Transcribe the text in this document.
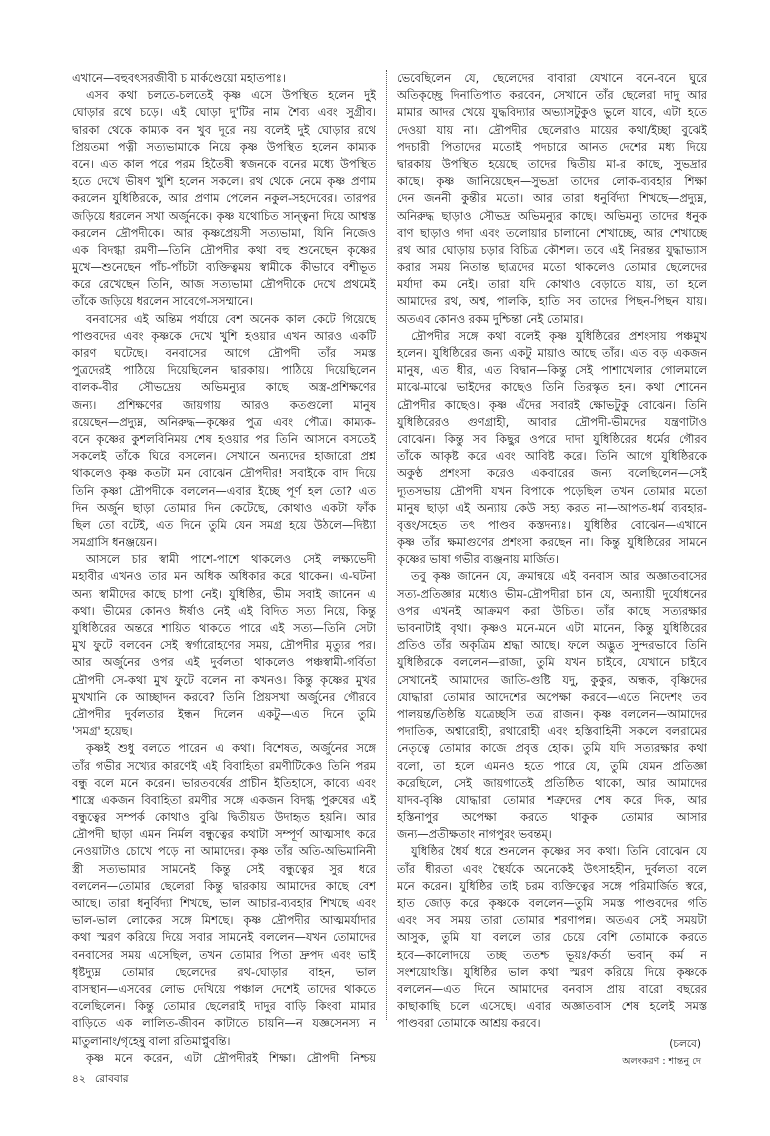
এখানে—বহুবৎসরজীবী চ মার্কণ্ডেয়ো মহাতপাঃ।
এসব কথা চলতে-চলতেই কৃষ্ণ এসে উপস্থিত হলেন দুই
ঘোড়ার রথে চড়ে। এই ঘোড়া দু'টির নাম শৈব্য এবং সুগ্রীব।
দ্বারকা থেকে কাম্যক বন খুব দূরে নয় বলেই দুই ঘোড়ার রথে
প্রিয়তমা পত্নী সত্যভামাকে নিয়ে কৃষ্ণ উপস্থিত হলেন কাম্যক
বনে। এত কাল পরে পরম হিতৈষী স্বজনকে বনের মধ্যে উপস্থিত
হতে দেখে ভীষণ খুশি হলেন সকলে। রথ থেকে নেমে কৃষ্ণ প্রণাম
করলেন যুধিষ্ঠিরকে, আর প্রণাম পেলেন নকুল-সহদেবের। তারপর
জড়িয়ে ধরলেন সখা অর্জুনকে। কৃষ্ণ যথোচিত সান্ত্বনা দিয়ে আশ্বস্ত
করলেন দ্রৌপদীকে। আর কৃষ্ণপ্রেয়সী সত্যভামা, যিনি নিজেও
এক বিদগ্ধা রমণী—তিনি দ্রৌপদীর কথা বহু শুনেছেন কৃষ্ণের
মুখে—শুনেছেন পাঁচ-পাঁচটা ব্যক্তিত্বময় স্বামীকে কীভাবে বশীভূত
করে রেখেছেন তিনি, আজ সত্যভামা দ্রৌপদীকে দেখে প্রথমেই
তাঁকে জড়িয়ে ধরলেন সাবেগে-সসম্মানে।
বনবাসের এই অন্তিম পর্যায়ে বেশ অনেক কাল কেটে গিয়েছে
পাণ্ডবদের এবং কৃষ্ণকে দেখে খুশি হওয়ার এখন আরও একটি
কারণ ঘটেছে। বনবাসের আগে দ্রৌপদী তাঁর সমস্ত
পুত্রদেরই পাঠিয়ে দিয়েছিলেন দ্বারকায়। পাঠিয়ে দিয়েছিলেন
বালক-বীর সৌভদ্রেয় অভিমন্যুর কাছে অস্ত্র-প্রশিক্ষণের
জন্য। প্রশিক্ষণের জায়গায় আরও কতগুলো মানুষ
রয়েছেন—প্রদ্যুম্ন, অনিরুদ্ধ—কৃষ্ণের পুত্র এবং পৌত্র। কাম্যক-
বনে কৃষ্ণের কুশলবিনিময় শেষ হওয়ার পর তিনি আসনে বসতেই
সকলেই তাঁকে ঘিরে বসলেন। সেখানে অন্যদের হাজারো প্রশ্ন
থাকলেও কৃষ্ণ কতটা মন বোঝেন দ্রৌপদীর! সবাইকে বাদ দিয়ে
তিনি কৃষ্ণা দ্রৌপদীকে বললেন—এবার ইচ্ছে পূর্ণ হল তো? এত
দিন অর্জুন ছাড়া তোমার দিন কেটেছে, কোথাও একটা ফাঁক
ছিল তো বটেই, এত দিনে তুমি যেন সমগ্র হয়ে উঠলে—দিষ্ট্যা
সমগ্রাসি ধনঞ্জয়েন।
আসলে চার স্বামী পাশে-পাশে থাকলেও সেই লক্ষ্যভেদী
মহাবীর এখনও তার মন অধিক অধিকার করে থাকেন। এ-ঘটনা
অন্য স্বামীদের কাছে চাপা নেই। যুধিষ্ঠির, ভীম সবাই জানেন এ
কথা। ভীমের কোনও ঈর্ষাও নেই এই বিদিত সত্য নিয়ে, কিন্তু
যুধিষ্ঠিরের অন্তরে শায়িত থাকতে পারে এই সত্য—তিনি সেটা
মুখ ফুটে বলবেন সেই স্বর্গারোহণের সময়, দ্রৌপদীর মৃত্যুর পর।
আর অর্জুনের ওপর এই দুর্বলতা থাকলেও পঞ্চস্বামী-গর্বিতা
দ্রৌপদী সে-কথা মুখ ফুটে বলেন না কখনও। কিন্তু কৃষ্ণের মুখর
মুখখানি কে আচ্ছাদন করবে? তিনি প্রিয়সখা অর্জুনের গৌরবে
দ্রৌপদীর দুর্বলতার ইন্ধন দিলেন একটু—এত দিনে তুমি
'সমগ্র' হয়েছ।
কৃষ্ণই শুধু বলতে পারেন এ কথা। বিশেষত, অর্জুনের সঙ্গে
তাঁর গভীর সখ্যের কারণেই এই বিবাহিতা রমণীটিকেও তিনি পরম
বন্ধু বলে মনে করেন। ভারতবর্ষের প্রাচীন ইতিহাসে, কাব্যে এবং
শাস্ত্রে একজন বিবাহিতা রমণীর সঙ্গে একজন বিদগ্ধ পুরুষের এই
বন্ধুত্বের সম্পর্ক কোথাও বুঝি দ্বিতীয়ত উদাহৃত হয়নি। আর
দ্রৌপদী ছাড়া এমন নির্মল বন্ধুত্বের কথাটা সম্পূর্ণ আত্মসাৎ করে
নেওয়াটাও চোখে পড়ে না আমাদের। কৃষ্ণ তাঁর অতি-অভিমানিনী
স্ত্রী সত্যভামার সামনেই কিন্তু সেই বন্ধুত্বের সুর ধরে
বললেন—তোমার ছেলেরা কিন্তু দ্বারকায় আমাদের কাছে বেশ
আছে। তারা ধনুর্বিদ্যা শিখছে, ভাল আচার-ব্যবহার শিখছে এবং
ভাল-ভাল লোকের সঙ্গে মিশছে। কৃষ্ণ দ্রৌপদীর আত্মমর্যাদার
কথা স্মরণ করিয়ে দিয়ে সবার সামনেই বললেন—যখন তোমাদের
বনবাসের সময় এসেছিল, তখন তোমার পিতা দ্রুপদ এবং ভাই
ধৃষ্টদ্যুম্ন তোমার ছেলেদের রথ-ঘোড়ার বাহন, ভাল
বাসস্থান—এসবের লোভ দেখিয়ে পঞ্চাল দেশেই তাদের থাকতে
বলেছিলেন। কিন্তু তোমার ছেলেরাই দাদুর বাড়ি কিংবা মামার
বাড়িতে এক লালিত-জীবন কাটাতে চায়নি—ন যজ্ঞসেনস্য ন
মাতুলানাং/গৃহেষু বালা রতিমাপ্নুবন্তি।
কৃষ্ণ মনে করেন, এটা দ্রৌপদীরই শিক্ষা। দ্রৌপদী নিশ্চয়
ভেবেছিলেন যে, ছেলেদের বাবারা যেখানে বনে-বনে ঘুরে
অতিকৃচ্ছ্রে দিনাতিপাত করবেন, সেখানে তাঁর ছেলেরা দাদু আর
মামার আদর খেয়ে যুদ্ধবিদ্যার অভ্যাসটুকুও ভুলে যাবে, এটা হতে
দেওয়া যায় না। দ্রৌপদীর ছেলেরাও মায়ের কথা/ইচ্ছা বুঝেই
পদচারী পিতাদের মতোই পদচারে আনত দেশের মধ্য দিয়ে
দ্বারকায় উপস্থিত হয়েছে তাদের দ্বিতীয় মা-র কাছে, সুভদ্রার
কাছে। কৃষ্ণ জানিয়েছেন—সুভদ্রা তাদের লোক-ব্যবহার শিক্ষা
দেন জননী কুন্তীর মতো। আর তারা ধনুর্বিদ্যা শিখছে—প্রদ্যুম্ন,
অনিরুদ্ধ ছাড়াও সৌভদ্র অভিমন্যুর কাছে। অভিমন্যু তাদের ধনুক
বাণ ছাড়াও গদা এবং তলোয়ার চালানো শেখাচ্ছে, আর শেখাচ্ছে
রথ আর ঘোড়ায় চড়ার বিচিত্র কৌশল। তবে এই নিরন্তর যুদ্ধাভ্যাস
করার সময় নিতান্ত ছাত্রদের মতো থাকলেও তোমার ছেলেদের
মর্যাদা কম নেই। তারা যদি কোথাও বেড়াতে যায়, তা হলে
আমাদের রথ, অশ্ব, পালকি, হাতি সব তাদের পিছন-পিছন যায়।
অতএব কোনও রকম দুশ্চিন্তা নেই তোমার।
দ্রৌপদীর সঙ্গে কথা বলেই কৃষ্ণ যুধিষ্ঠিরের প্রশংসায় পঞ্চমুখ
হলেন। যুধিষ্ঠিরের জন্য একটু মায়াও আছে তাঁর। এত বড় একজন
মানুষ, এত ধীর, এত বিদ্বান—কিন্তু সেই পাশাখেলার গোলমালে
মাঝে-মাঝে ভাইদের কাছেও তিনি তিরস্কৃত হন। কথা শোনেন
দ্রৌপদীর কাছেও। কৃষ্ণ এঁদের সবারই ক্ষোভটুকু বোঝেন। তিনি
যুধিষ্ঠিরেরও গুণগ্রাহী, আবার দ্রৌপদী-ভীমদের যন্ত্রণাটাও
বোঝেন। কিন্তু সব কিছুর ওপরে দাদা যুধিষ্ঠিরের ধর্মের গৌরব
তাঁকে আকৃষ্ট করে এবং আবিষ্ট করে। তিনি আগে যুধিষ্ঠিরকে
অকুণ্ঠ প্রশংসা করেও একবারের জন্য বলেছিলেন—সেই
দ্যূতসভায় দ্রৌপদী যখন বিপাকে পড়েছিল তখন তোমার মতো
মানুষ ছাড়া এই অন্যায় কেউ সহ্য করত না—আপত-ধর্ম ব্যবহার-
বৃত্তং/সহেত তৎ পাণ্ডব কস্তদন্যঃ। যুধিষ্ঠির বোঝেন—এখানে
কৃষ্ণ তাঁর ক্ষমাগুণের প্রশংসা করছেন না। কিন্তু যুধিষ্ঠিরের সামনে
কৃষ্ণের ভাষা গভীর ব্যঞ্জনায় মার্জিত।
তবু কৃষ্ণ জানেন যে, ক্রমান্বয়ে এই বনবাস আর অজ্ঞাতবাসের
সত্য-প্রতিজ্ঞার মধ্যেও ভীম-দ্রৌপদীরা চান যে, অন্যায়ী দুর্যোধনের
ওপর এখনই আক্রমণ করা উচিত। তাঁর কাছে সত্যরক্ষার
ভাবনাটাই বৃথা। কৃষ্ণও মনে-মনে এটা মানেন, কিন্তু যুধিষ্ঠিরের
প্রতিও তাঁর অকৃত্রিম শ্রদ্ধা আছে। ফলে অদ্ভুত সুন্দরভাবে তিনি
যুধিষ্ঠিরকে বললেন—রাজা, তুমি যখন চাইবে, যেখানে চাইবে
সেখানেই আমাদের জাতি-গুষ্টি যদু, কুকুর, অন্ধক, বৃষ্ণিদের
যোদ্ধারা তোমার আদেশের অপেক্ষা করবে—এতে নিদেশং তব
পালয়ন্ত/তিষ্ঠন্তি যত্রেচ্ছসি তত্র রাজন। কৃষ্ণ বললেন—আমাদের
পদাতিক, অশ্বারোহী, রথারোহী এবং হস্তিবাহিনী সকলে বলরামের
নেতৃত্বে তোমার কাজে প্রবৃত্ত হোক। তুমি যদি সত্যরক্ষার কথা
বলো, তা হলে এমনও হতে পারে যে, তুমি যেমন প্রতিজ্ঞা
করেছিলে, সেই জায়গাতেই প্রতিষ্ঠিত থাকো, আর আমাদের
যাদব-বৃষ্ণি যোদ্ধারা তোমার শত্রুদের শেষ করে দিক, আর
হস্তিনাপুর অপেক্ষা করতে থাকুক তোমার আসার
জন্য—প্রতীক্ষতাং নাগপুরং ভবন্তম্।
যুধিষ্ঠির ধৈর্য ধরে শুনলেন কৃষ্ণের সব কথা। তিনি বোঝেন যে
তাঁর ধীরতা এবং স্থৈর্যকে অনেকেই উৎসাহহীন, দুর্বলতা বলে
মনে করেন। যুধিষ্ঠির তাই চরম ব্যক্তিত্বের সঙ্গে পরিমার্জিত স্বরে,
হাত জোড় করে কৃষ্ণকে বললেন—তুমি সমস্ত পাণ্ডবদের গতি
এবং সব সময় তারা তোমার শরণাপন্ন। অতএব সেই সময়টা
আসুক, তুমি যা বললে তার চেয়ে বেশি তোমাকে করতে
হবে—কালোদয়ে তচ্ছ ততশ্চ ভূয়ঃ/কর্তা ভবান্ কর্ম ন
সংশয়োঽস্তি। যুধিষ্ঠির ভাল কথা স্মরণ করিয়ে দিয়ে কৃষ্ণকে
বললেন—এত দিনে আমাদের বনবাস প্রায় বারো বছরের
কাছাকাছি চলে এসেছে। এবার অজ্ঞাতবাস শেষ হলেই সমস্ত
পাণ্ডবরা তোমাকে আশ্রয় করবে।
(চলবে)
অলংকরণ : শান্তনু দে
৪২ রোববার
